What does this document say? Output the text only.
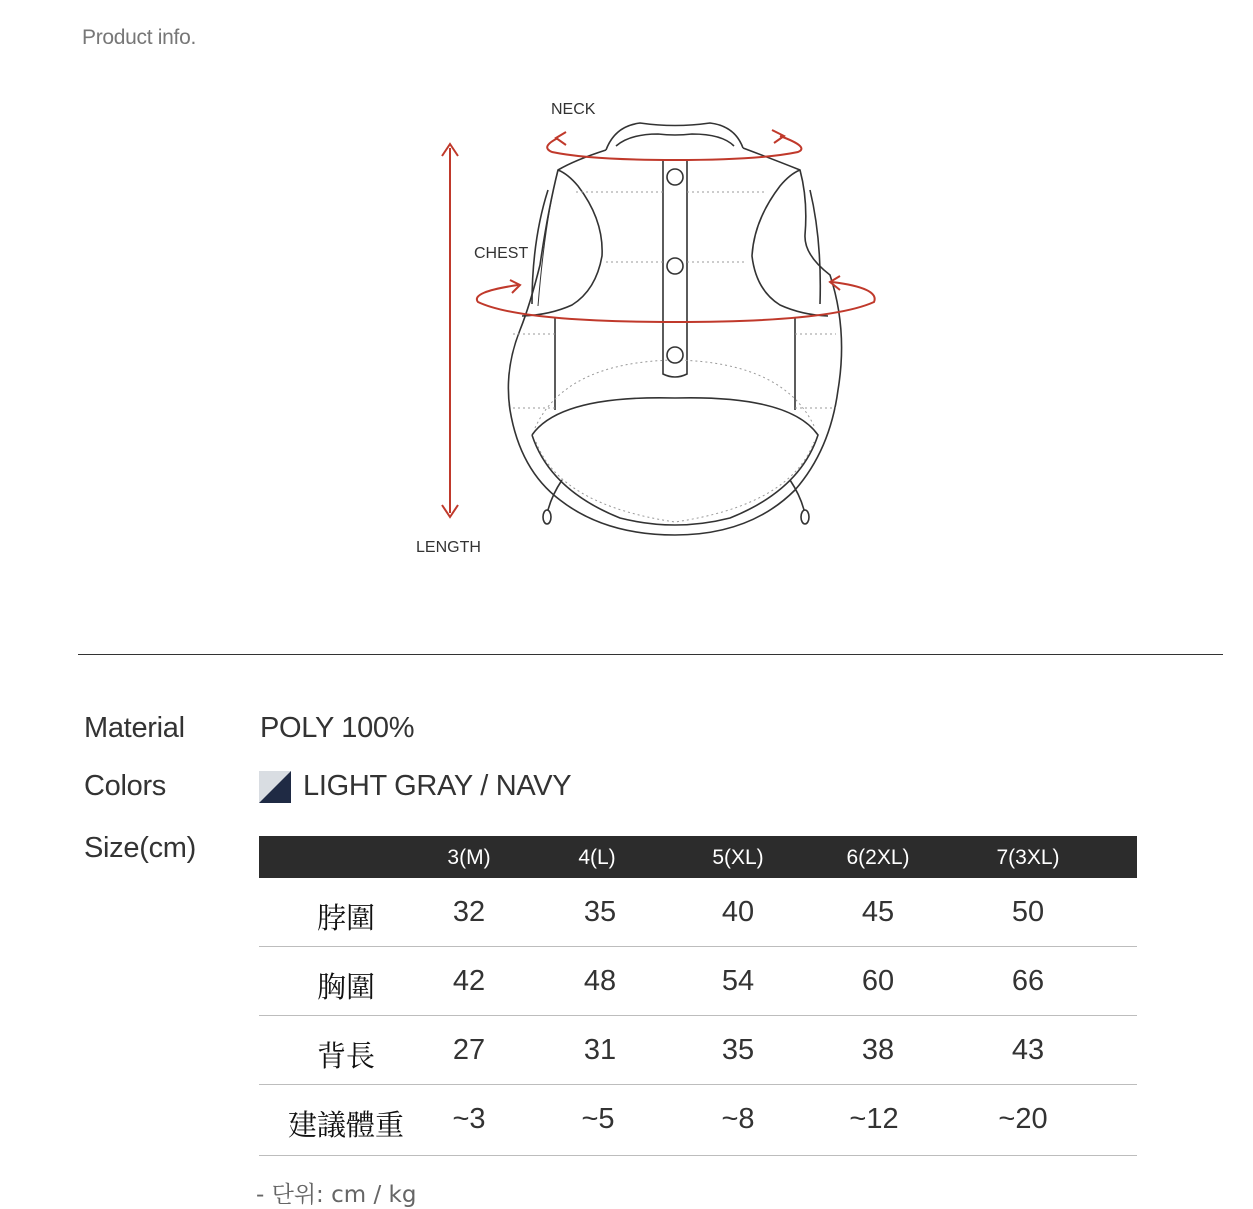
Product info.
NECK
CHEST
LENGTH
Material	POLY 100%
Colors	LIGHT GRAY / NAVY
Size(cm)	3(M)	4(L)	5(XL)	6(2XL)	7(3XL)
脖圍	32	35	40	45	50
胸圍	42	48	54	60	66
背長	27	31	35	38	43
建議體重 ~3	~5	~8	~12	~20
- 단위: cm / kg
